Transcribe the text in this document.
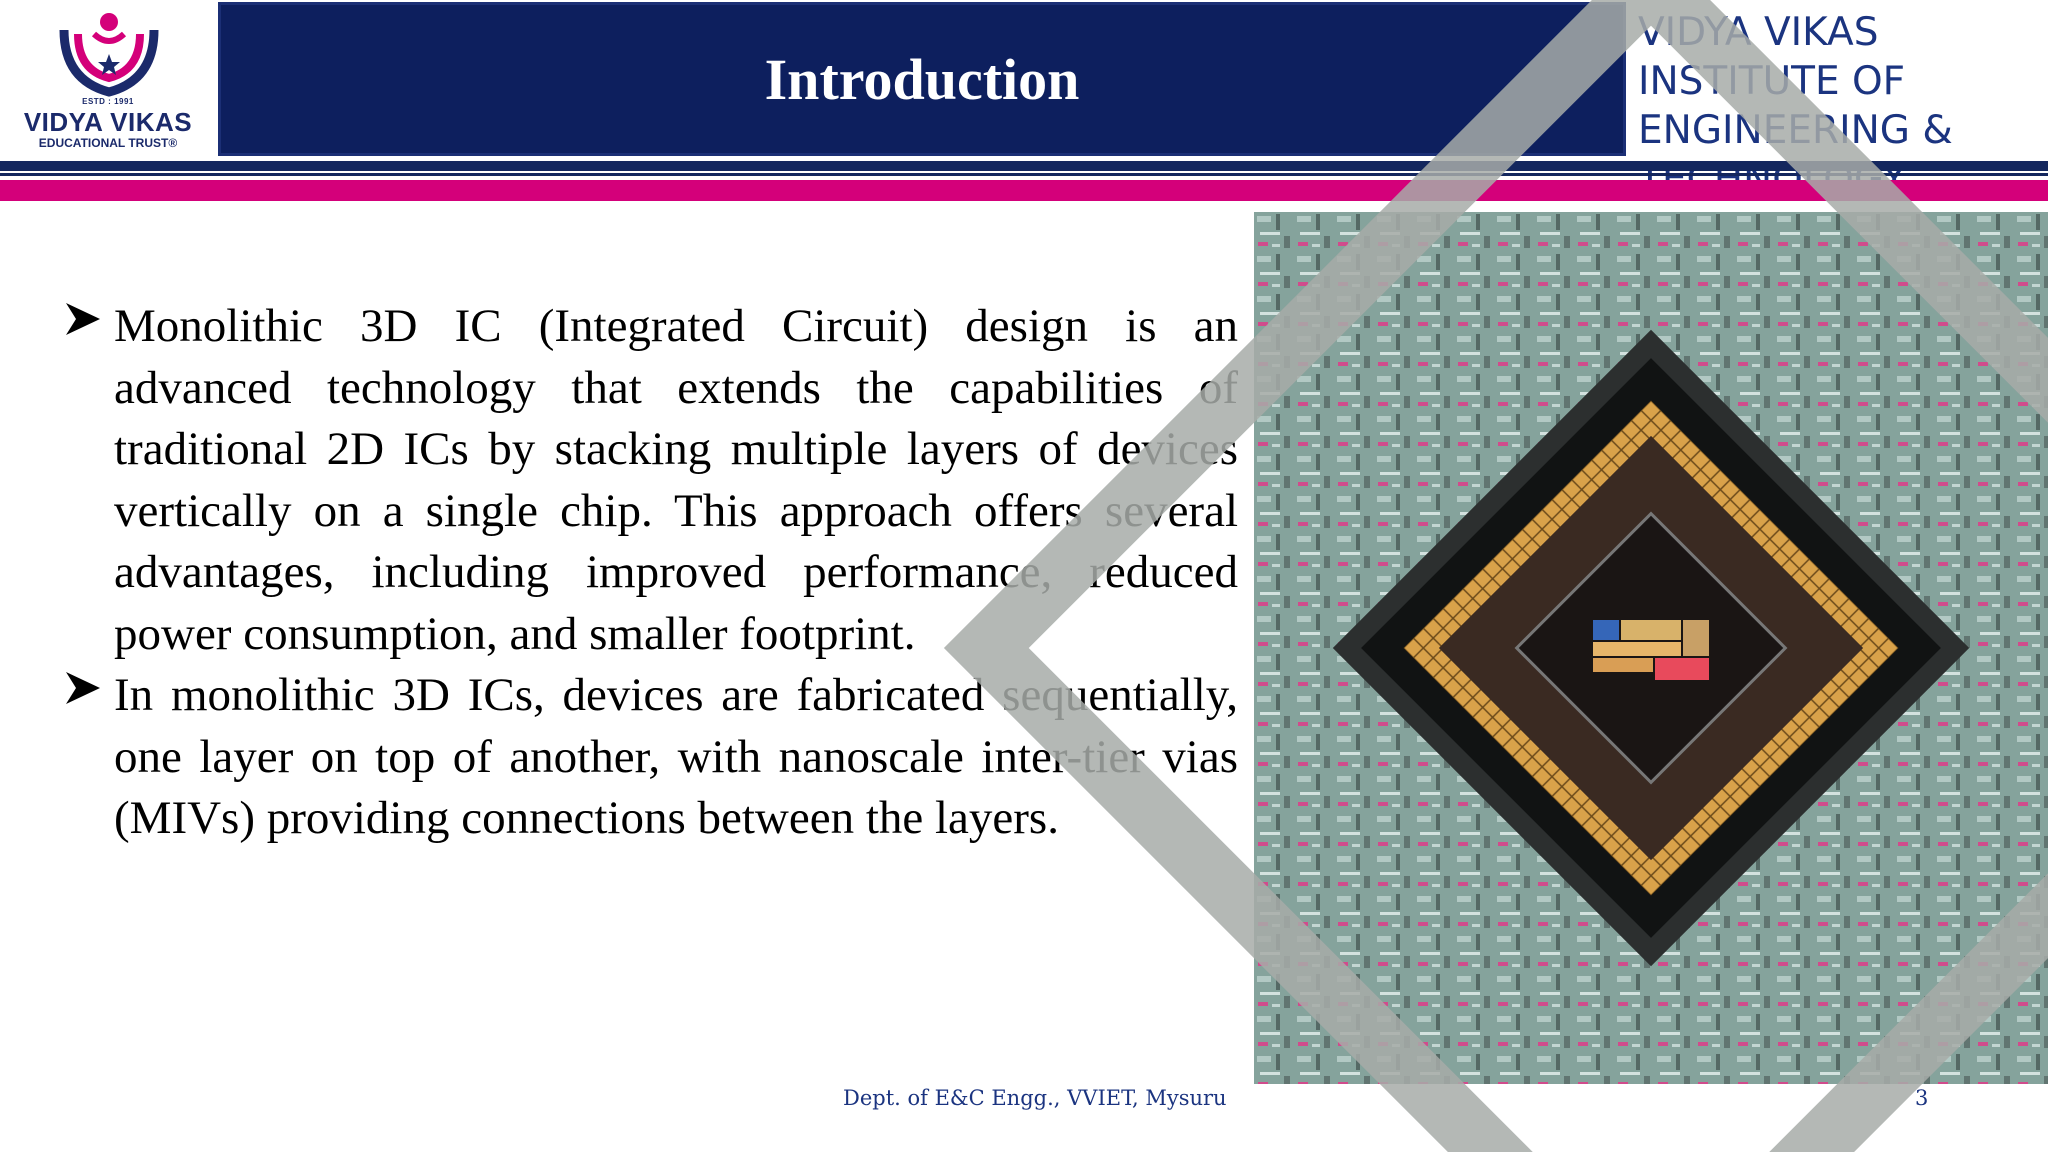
ESTD : 1991
VIDYA VIKAS
EDUCATIONAL TRUST®
Introduction
VIDYA VIKAS
INSTITUTE OF
ENGINEERING &
Monolithic 3D IC (Integrated Circuit) design is an advanced technology that extends the capabilities of traditional 2D ICs by stacking multiple layers of devices vertically on a single chip. This approach offers several advantages, including improved performance, reduced power consumption, and smaller footprint.
In monolithic 3D ICs, devices are fabricated sequentially, one layer on top of another, with nanoscale inter-tier vias (MIVs) providing connections between the layers.
Dept. of E&C Engg., VVIET, Mysuru	3
